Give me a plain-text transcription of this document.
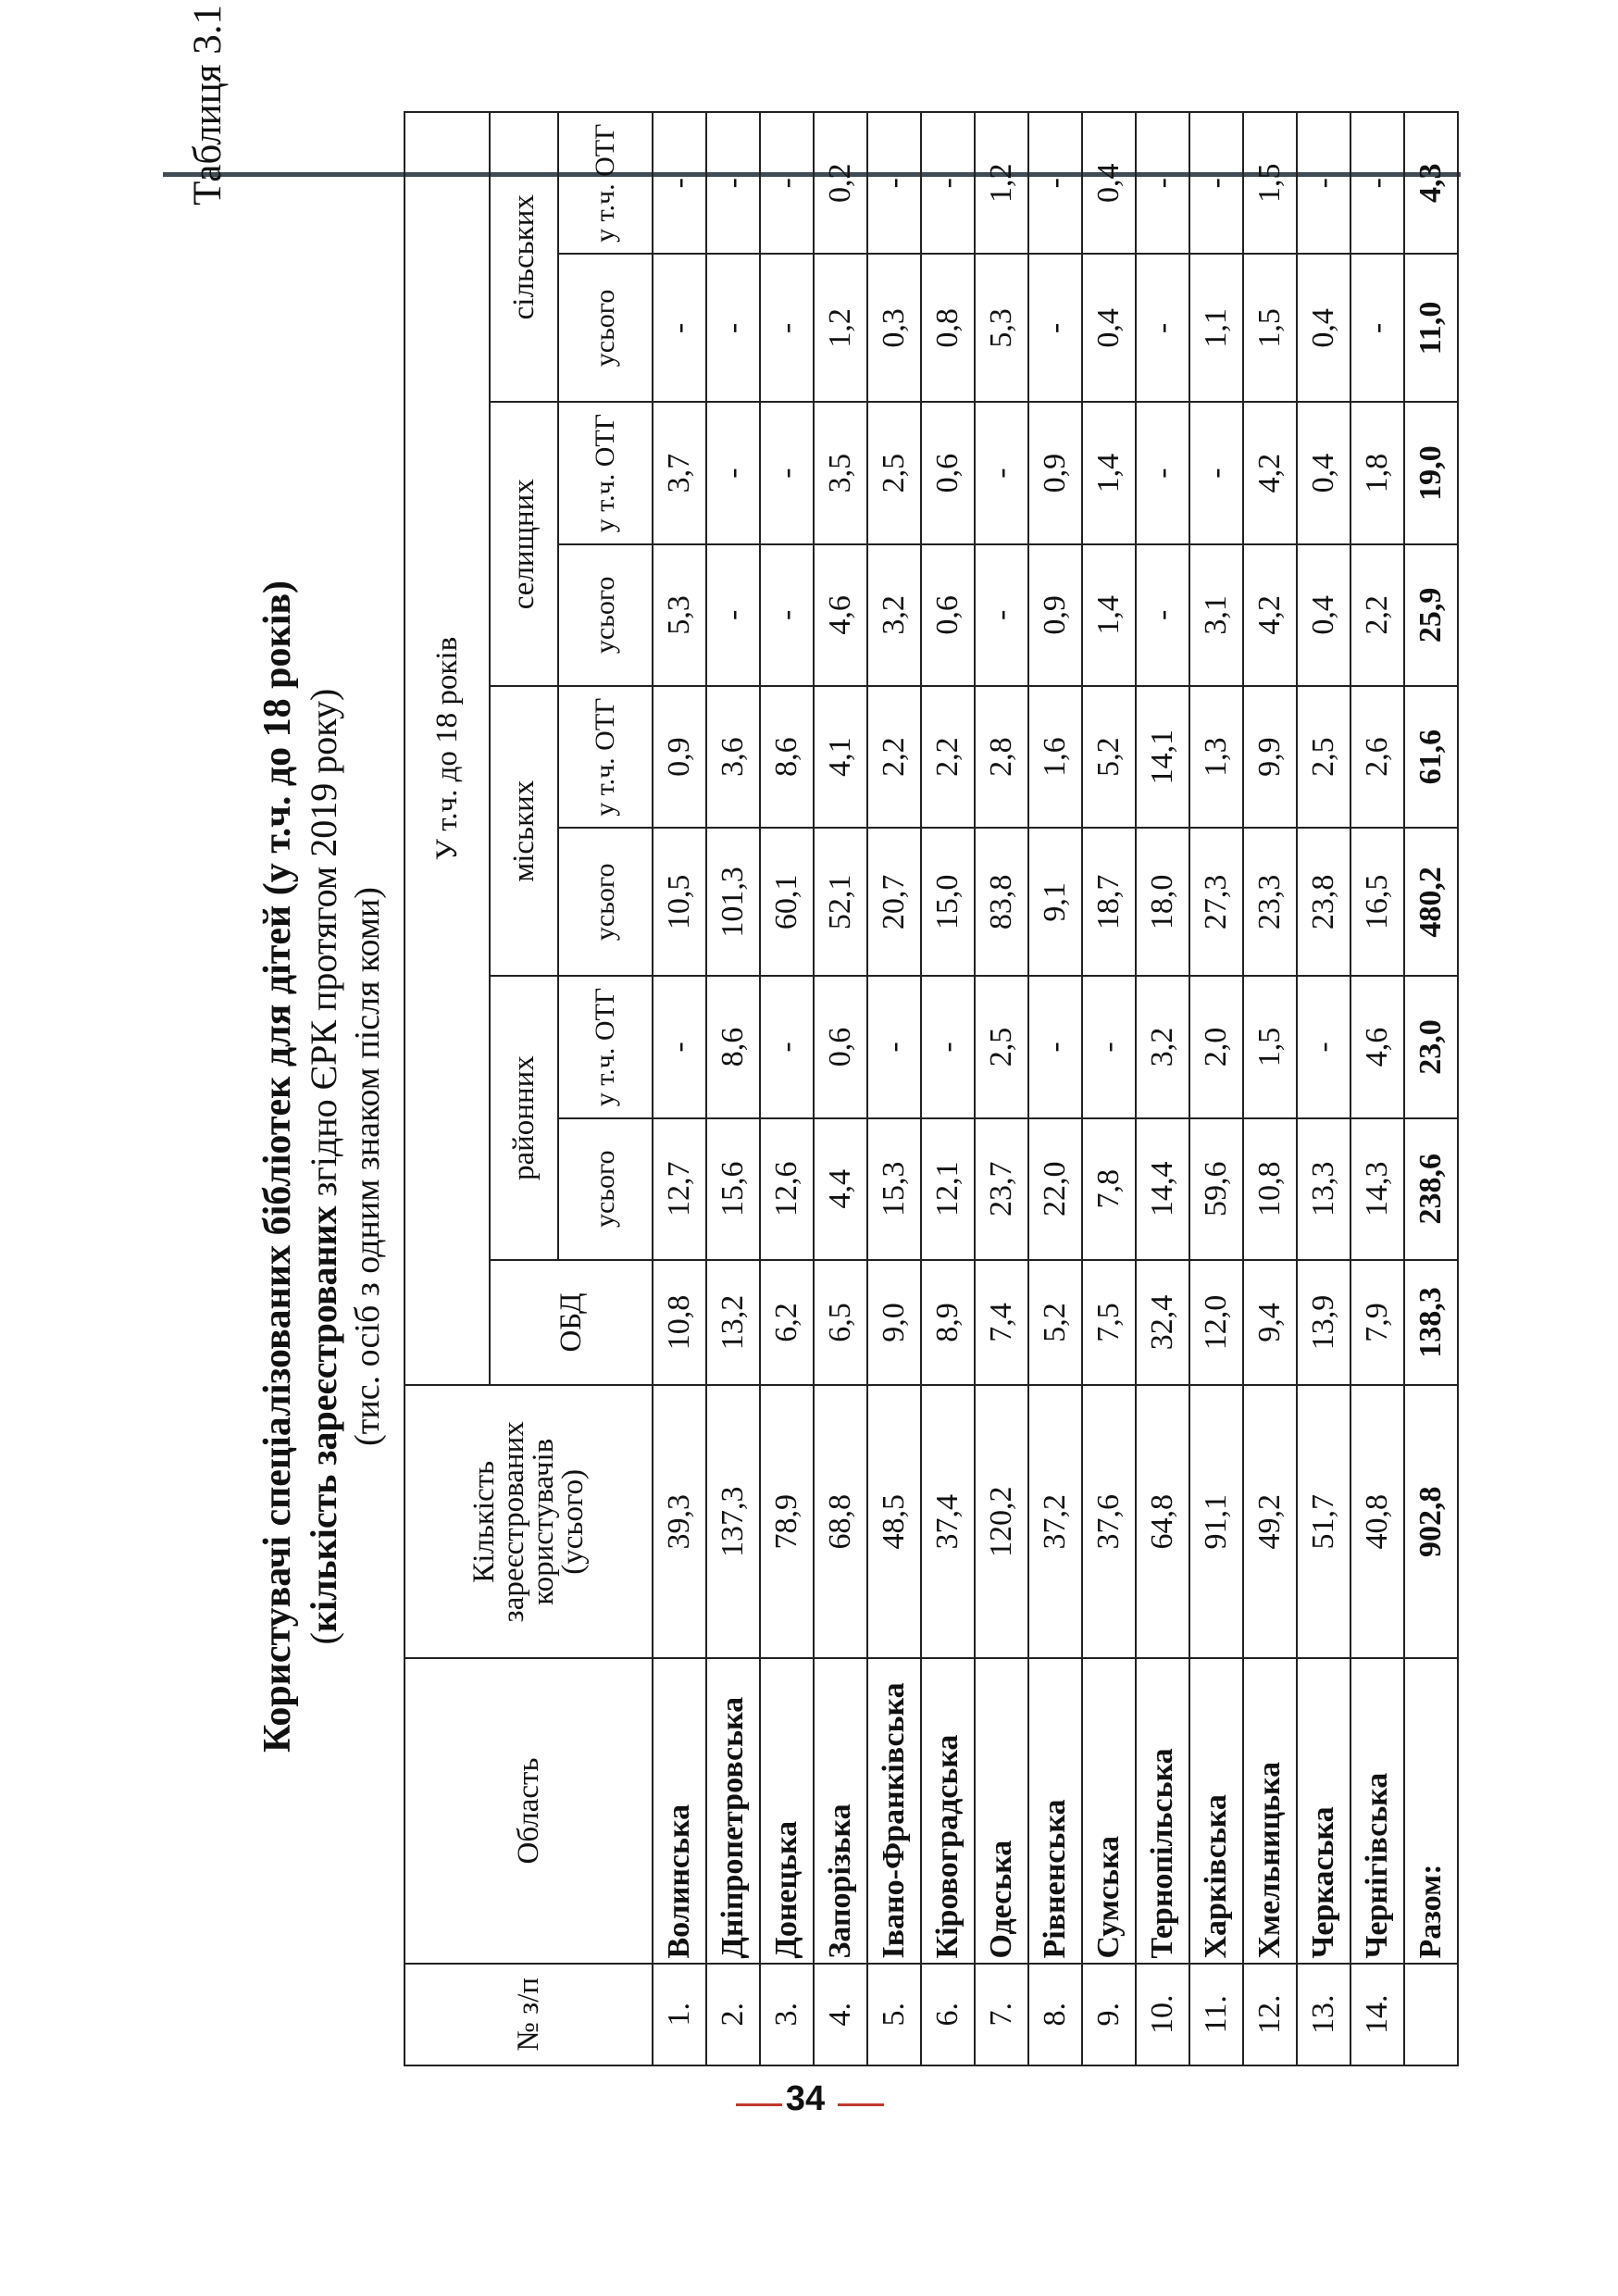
Таблиця 3.1
Користувачі спеціалізованих бібліотек для дітей (у т.ч. до 18 років) (кількість зареєстрованих згідно ЄРК протягом 2019 року) (тис. осіб з одним знаком після коми)
№ з/п	Область	Кількість зареєстрованих користувачів (усього)	У т.ч. до 18 років								
			ОБД	районних		міських		селищних		сільських	
				усього	у т.ч. ОТГ	усього	у т.ч. ОТГ	усього	у т.ч. ОТГ	усього	у т.ч. ОТГ
1.	Волинська	39,3	10,8	12,7	-	10,5	0,9	5,3	3,7	-	-
2.	Дніпропетровська	137,3	13,2	15,6	8,6	101,3	3,6	-	-	-	-
3.	Донецька	78,9	6,2	12,6	-	60,1	8,6	-	-	-	-
4.	Запорізька	68,8	6,5	4,4	0,6	52,1	4,1	4,6	3,5	1,2	0,2
5.	Івано-Франківська	48,5	9,0	15,3	-	20,7	2,2	3,2	2,5	0,3	-
6.	Кіровоградська	37,4	8,9	12,1	-	15,0	2,2	0,6	0,6	0,8	-
7.	Одеська	120,2	7,4	23,7	2,5	83,8	2,8	-	-	5,3	1,2
8.	Рівненська	37,2	5,2	22,0	-	9,1	1,6	0,9	0,9	-	-
9.	Сумська	37,6	7,5	7,8	-	18,7	5,2	1,4	1,4	0,4	0,4
10.	Тернопільська	64,8	32,4	14,4	3,2	18,0	14,1	-	-	-	-
11.	Харківська	91,1	12,0	59,6	2,0	27,3	1,3	3,1	-	1,1	-
12.	Хмельницька	49,2	9,4	10,8	1,5	23,3	9,9	4,2	4,2	1,5	1,5
13.	Черкаська	51,7	13,9	13,3	-	23,8	2,5	0,4	0,4	0,4	-
14.	Чернігівська	40,8	7,9	14,3	4,6	16,5	2,6	2,2	1,8	-	-
	Разом:	902,8	138,3	238,6	23,0	480,2	61,6	25,9	19,0	11,0	4,3
34
